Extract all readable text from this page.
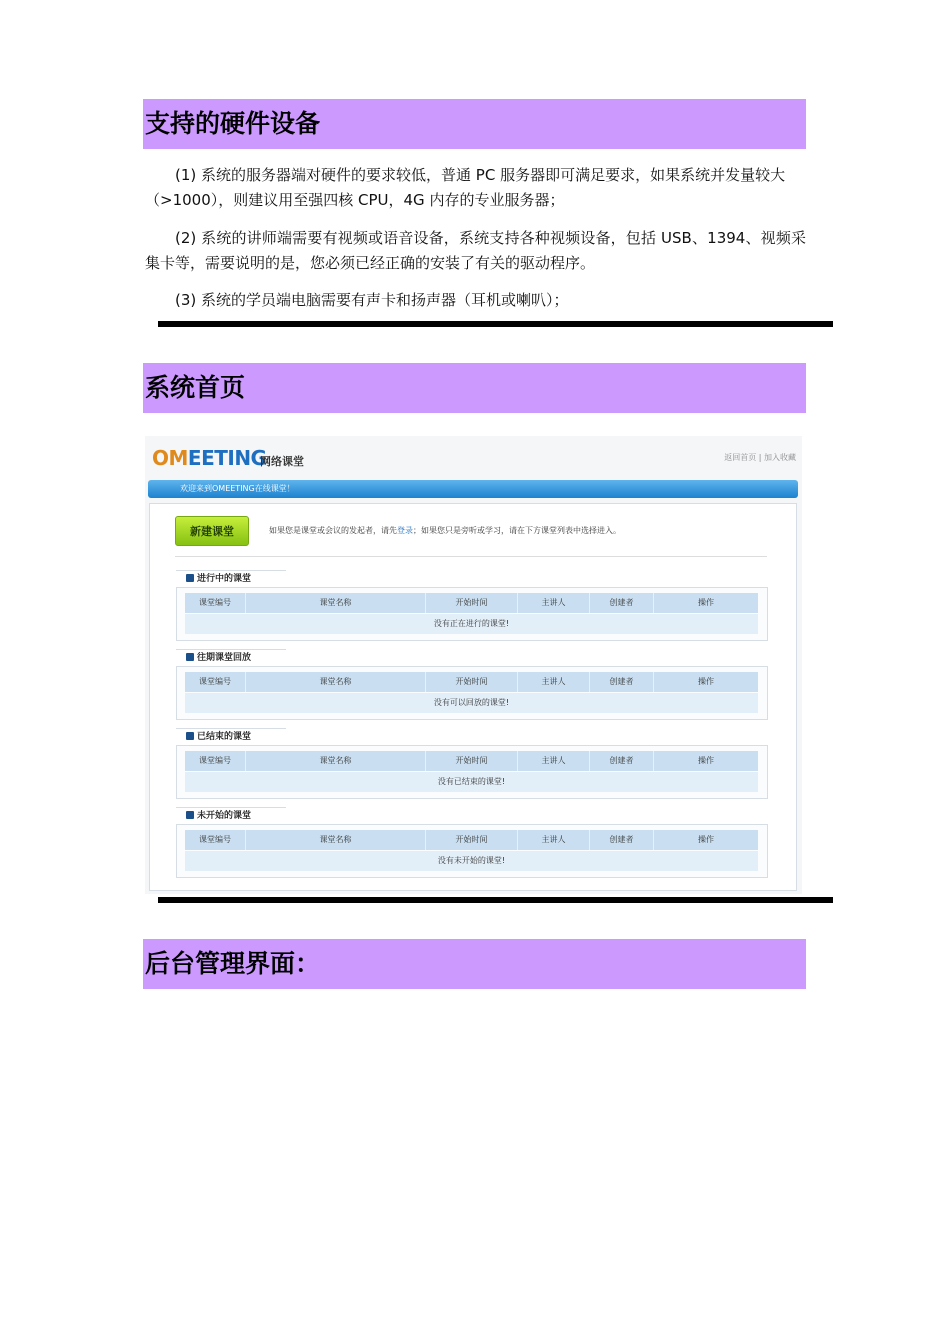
支持的硬件设备
(1) 系统的服务器端对硬件的要求较低，普通 PC 服务器即可满足要求，如果系统并发量较大（>1000），则建议用至强四核 CPU，4G 内存的专业服务器；
(2) 系统的讲师端需要有视频或语音设备，系统支持各种视频设备，包括 USB、1394、视频采集卡等，需要说明的是，您必须已经正确的安装了有关的驱动程序。
(3) 系统的学员端电脑需要有声卡和扬声器（耳机或喇叭）；
系统首页
OMEETING
网络课堂	返回首页 | 加入收藏
欢迎来到OMEETING在线课堂！
新建课堂	如果您是课堂或会议的发起者，请先登录；如果您只是旁听或学习，请在下方课堂列表中选择进入。
进行中的课堂
课堂编号	课堂名称	开始时间	主讲人	创建者	操作
没有正在进行的课堂!
往期课堂回放
课堂编号	课堂名称	开始时间	主讲人	创建者	操作
没有可以回放的课堂!
已结束的课堂
课堂编号	课堂名称	开始时间	主讲人	创建者	操作
没有已结束的课堂!
未开始的课堂
课堂编号	课堂名称	开始时间	主讲人	创建者	操作
没有未开始的课堂!
后台管理界面：
